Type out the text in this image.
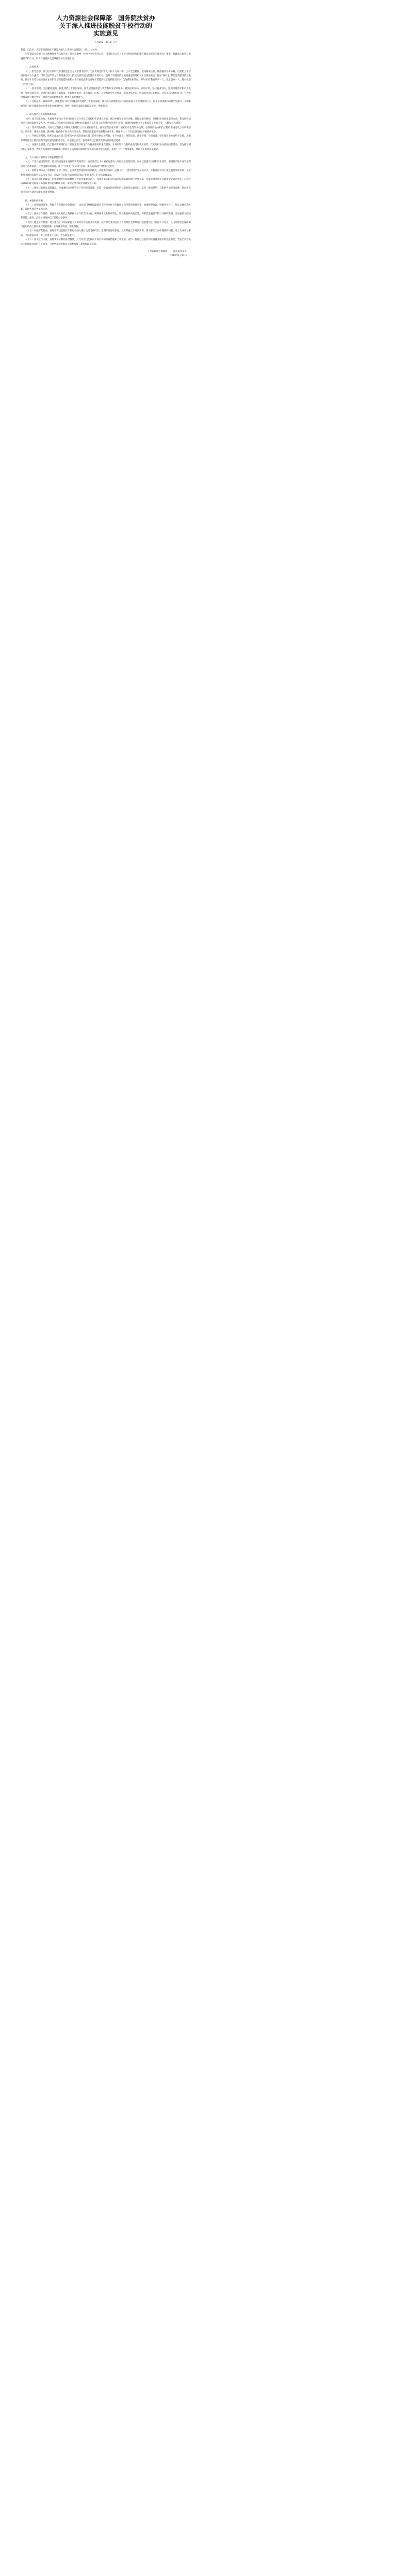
人力资源社会保障部　国务院扶贫办
关于深入推进技能脱贫千校行动的
实施意见
人社部发〔2018〕5号

各省、自治区、直辖市及新疆生产建设兵团人力资源社会保障厅（局）、扶贫办：

为贯彻落实党的十九大精神和中央扶贫开发工作会议精神，按照中共中央办公厅、国务院办公厅《关于支持深度贫困地区脱贫攻坚的实施意见》要求，现就深入推进技能脱贫千校行动、助力打赢脱贫攻坚战提出如下实施意见。

一、总体要求

（一）指导思想。以习近平新时代中国特色社会主义思想为指导，全面贯彻党的十九大和十九届二中、三中全会精神，坚持精准扶贫、精准脱贫基本方略，以建档立卡贫困家庭子女为重点，组织全国千所左右省级重点以上技工院校开展技能脱贫千校行动，使每个有就读技工院校意愿的建档立卡贫困家庭应、往届“两后生”都能免费接受技工教育，使每个有劳动能力且有参加职业培训意愿的建档立卡贫困家庭劳动者每年都能到技工院校接受至少1次免费职业培训，努力实现“教育培训一人、就业创业一人、脱贫致富一户”的目标。

（二）基本原则。坚持精准施策，聚焦建档立卡贫困家庭，因人因需提供技工教育和职业培训服务，做到应助尽助、应培尽培。坚持就业导向，紧扣市场需求和产业发展，突出技能实训，促进培训与就业有效衔接。坚持统筹推进，发挥政府、院校、企业和社会各方作用，形成齐抓共管、协同推进的工作格局。坚持扶志扶智相结合，引导贫困群众树立勤劳致富、脱贫光荣的思想观念，增强自我发展能力。

（三）目标任务。到2020年，技能脱贫千校行动覆盖所有建档立卡贫困家庭，技工院校招收建档立卡贫困家庭子女规模稳步扩大，职业培训规模和质量明显提升，贫困家庭劳动力职业技能和就业创业能力显著增强，帮助一批贫困家庭实现稳定就业、摆脱贫困。

二、深入推进技工院校精准扶贫

（四）加大招生力度。各地要将建档立卡贫困家庭子女作为技工院校招生的重点对象，通过单独划定招生名额、降低录取分数线、开辟招生绿色通道等方式，优先招收建档立卡贫困家庭子女入学。各省级人力资源社会保障部门要组织省级重点以上技工院校制定年度招生计划，明确招收建档立卡贫困家庭子女的专业、人数和具体措施。

（五）落实资助政策。对在技工院校全日制就读的建档立卡贫困家庭学生，按规定落实免学费、国家助学金等资助政策。有条件的地方和技工院校要通过设立专项奖学金、助学金，减免住宿费、教材费，提供勤工助学岗位等方式，帮助贫困家庭学生顺利完成学业，确保不让一个学生因家庭经济困难而失学。

（六）开展结对帮扶。组织东部地区技工院校与中西部贫困地区技工院校开展结对帮扶，在专业建设、师资培训、教学管理、实训设备、招生就业等方面给予支持。鼓励东部地区技工院校面向深度贫困地区招收学生，开展联合办学，推动优质技工教育资源向贫困地区延伸。

（七）加强就业服务。技工院校要将建档立卡贫困家庭毕业生作为就业服务的重点群体，开展有针对性的职业指导和就业推荐，优先组织参加校园招聘活动，优先推荐到合作企业就业。各级人力资源社会保障部门要将技工院校贫困家庭毕业生纳入就业帮扶范围，提供“一对一”精准服务，帮助其实现高质量就业。

三、大力开展贫困劳动力职业技能培训

（八）广泛开展技能培训。技工院校要充分发挥培训资源优势，面向建档立卡贫困家庭劳动力开展就业技能培训、岗位技能提升培训和创业培训。要根据当地产业发展和劳动力市场需求，合理设置培训项目，推行“订单式”“定向式”培训，提高培训的针对性和有效性。

（九）创新培训方式。积极推行工学一体化、企业新型学徒制等培训模式，采取集中培训、送教上门、“流动课堂”等灵活方式，方便贫困劳动力就近就地参加培训。充分利用互联网等现代信息技术手段，开发适合贫困劳动力特点的线上培训课程，扩大培训覆盖面。

（十）落实培训补贴政策。对参加职业培训的建档立卡贫困家庭劳动力，按规定落实职业培训补贴和培训期间生活费补贴，所需资金从就业补助资金等渠道列支。对通过培训取得职业资格证书或职业技能等级证书的，按规定给予职业技能鉴定补贴。

（十一）强化技能扶贫品牌建设。各地要结合当地特色产业和劳务品牌，打造一批具有区域特色的技能扶贫培训项目，培育一批叫得响、有影响力的劳务品牌，带动更多贫困劳动力通过技能实现就业增收。

四、加强组织实施

（十二）加强组织领导。各级人力资源社会保障部门、扶贫部门要将技能脱贫千校行动作为打赢脱贫攻坚战的重要举措，加强统筹协调，明确责任分工，制定具体实施方案，确保各项任务落到实处。

（十三）强化工作保障。各地要加大对技工院校扶贫工作的支持力度，统筹使用就业补助资金、职业教育相关资金等，保障技能脱贫千校行动顺利实施。要加强技工院校基础能力建设，改善贫困地区技工院校办学条件。

（十四）健全工作机制。建立建档立卡贫困家庭子女和劳动力信息共享机制，扶贫部门要及时向人力资源社会保障部门提供建档立卡贫困人口信息，人力资源社会保障部门要组织技工院校做好对接服务，实现精准识别、精准帮扶。

（十五）加强督促检查。各地要将技能脱贫千校行动纳入脱贫攻坚考核内容，定期开展督促检查，及时掌握工作进展情况，研究解决工作中遇到的问题。对工作成效显著的，予以通报表扬；对工作落实不力的，予以通报批评。

（十六）加大宣传力度。各地要充分利用各类媒体，广泛宣传技能脱贫千校行动的政策措施和工作成效，宣传一批通过技能培训实现就业脱贫的先进典型，营造全社会关心支持技能扶贫的良好氛围，引导更多贫困群众主动参加技工教育和职业培训。

人力资源社会保障部	国务院扶贫办
2018年1月12日
